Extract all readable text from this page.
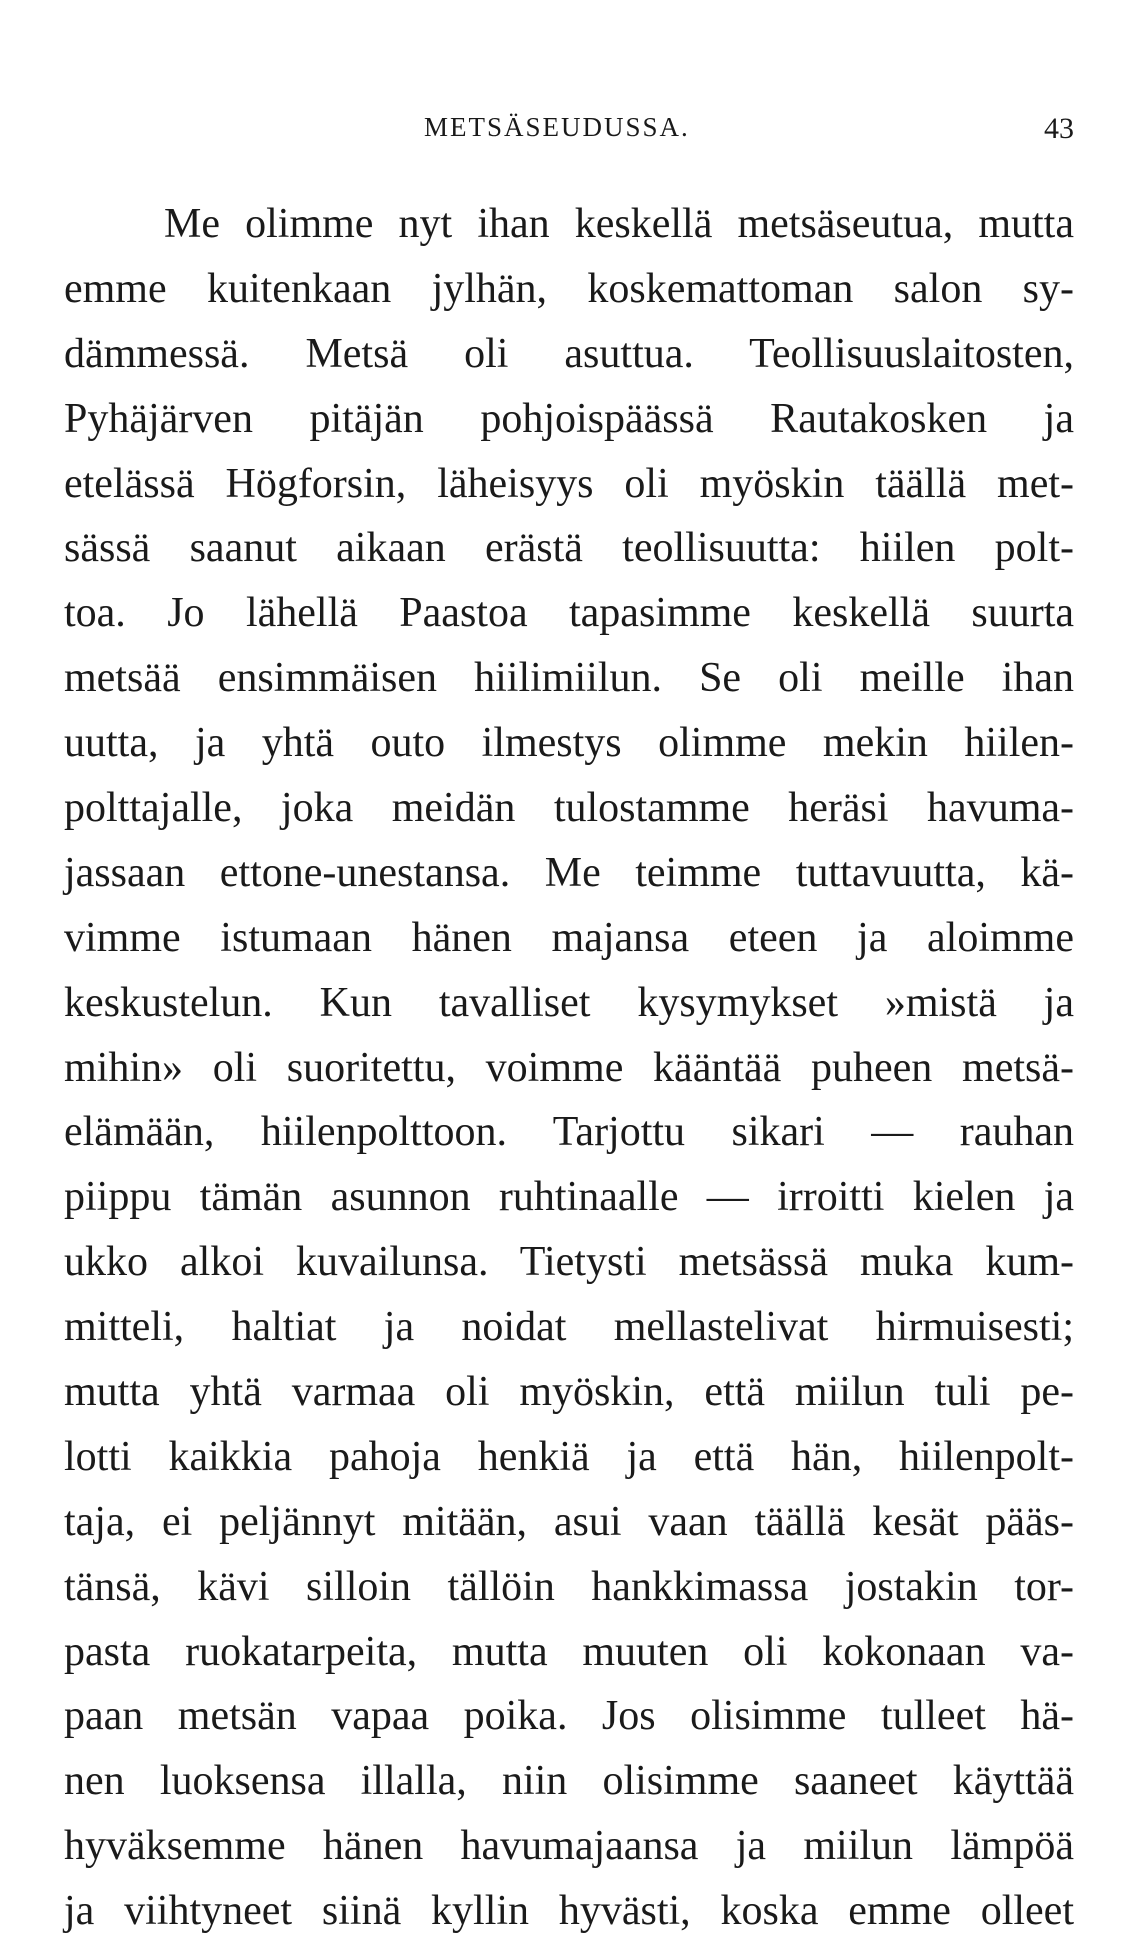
METSÄSEUDUSSA.	43
Me olimme nyt ihan keskellä metsäseutua, mutta
emme kuitenkaan jylhän, koskemattoman salon sy-
dämmessä. Metsä oli asuttua. Teollisuuslaitosten,
Pyhäjärven pitäjän pohjoispäässä Rautakosken ja
etelässä Högforsin, läheisyys oli myöskin täällä met-
sässä saanut aikaan erästä teollisuutta: hiilen polt-
toa. Jo lähellä Paastoa tapasimme keskellä suurta
metsää ensimmäisen hiilimiilun. Se oli meille ihan
uutta, ja yhtä outo ilmestys olimme mekin hiilen-
polttajalle, joka meidän tulostamme heräsi havuma-
jassaan ettone-unestansa. Me teimme tuttavuutta, kä-
vimme istumaan hänen majansa eteen ja aloimme
keskustelun. Kun tavalliset kysymykset »mistä ja
mihin» oli suoritettu, voimme kääntää puheen metsä-
elämään, hiilenpolttoon. Tarjottu sikari — rauhan
piippu tämän asunnon ruhtinaalle — irroitti kielen ja
ukko alkoi kuvailunsa. Tietysti metsässä muka kum-
mitteli, haltiat ja noidat mellastelivat hirmuisesti;
mutta yhtä varmaa oli myöskin, että miilun tuli pe-
lotti kaikkia pahoja henkiä ja että hän, hiilenpolt-
taja, ei peljännyt mitään, asui vaan täällä kesät pääs-
tänsä, kävi silloin tällöin hankkimassa jostakin tor-
pasta ruokatarpeita, mutta muuten oli kokonaan va-
paan metsän vapaa poika. Jos olisimme tulleet hä-
nen luoksensa illalla, niin olisimme saaneet käyttää
hyväksemme hänen havumajaansa ja miilun lämpöä
ja viihtyneet siinä kyllin hyvästi, koska emme olleet
